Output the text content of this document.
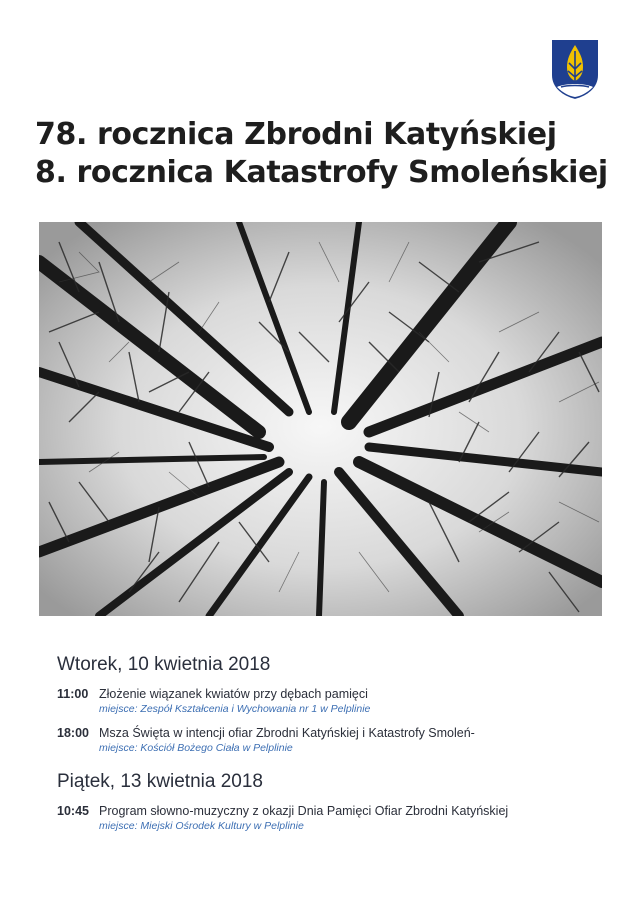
78. rocznica Zbrodni Katyńskiej
8. rocznica Katastrofy Smoleńskiej
Wtorek, 10 kwietnia 2018
11:00 Złożenie wiązanek kwiatów przy dębach pamięci
miejsce: Zespół Kształcenia i Wychowania nr 1 w Pelplinie
18:00 Msza Święta w intencji ofiar Zbrodni Katyńskiej i Katastrofy Smoleń-
miejsce: Kościół Bożego Ciała w Pelplinie
Piątek, 13 kwietnia 2018
10:45 Program słowno-muzyczny z okazji Dnia Pamięci Ofiar Zbrodni Katyńskiej
miejsce: Miejski Ośrodek Kultury w Pelplinie
